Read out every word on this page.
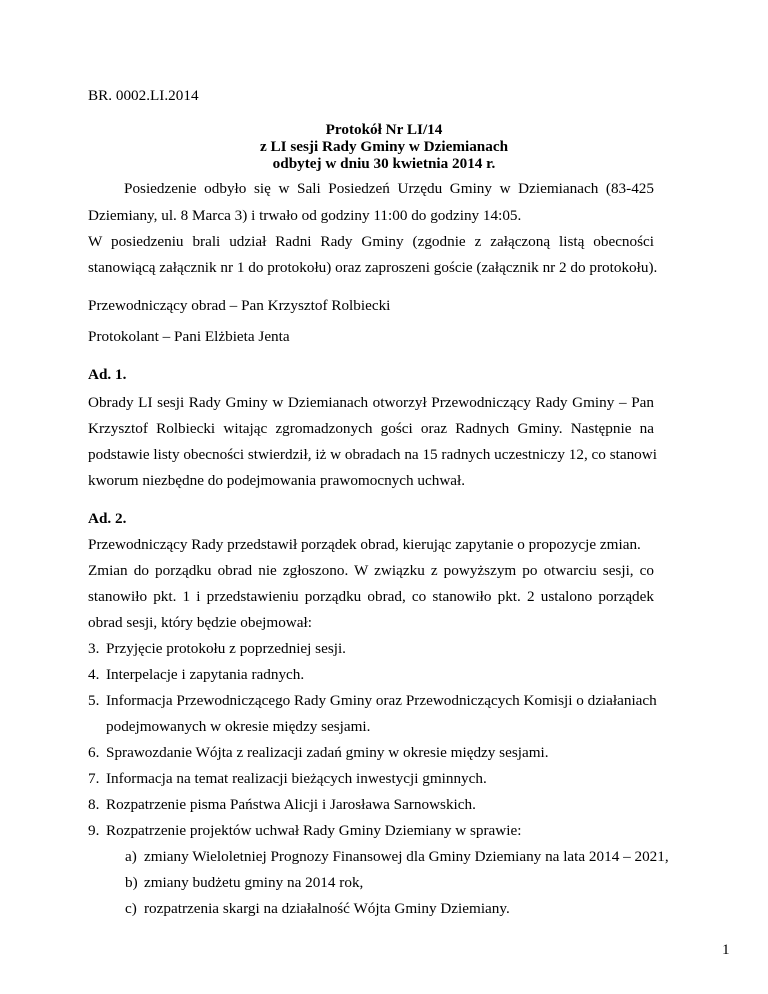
BR. 0002.LI.2014
Protokół Nr LI/14
z LI sesji Rady Gminy w Dziemianach
odbytej w dniu 30 kwietnia 2014 r.
Posiedzenie odbyło się w Sali Posiedzeń Urzędu Gminy w Dziemianach (83-425
Dziemiany, ul. 8 Marca 3) i trwało od godziny 11:00 do godziny 14:05.
W posiedzeniu brali udział Radni Rady Gminy (zgodnie z załączoną listą obecności
stanowiącą załącznik nr 1 do protokołu) oraz zaproszeni goście (załącznik nr 2 do protokołu).
Przewodniczący obrad – Pan Krzysztof Rolbiecki
Protokolant – Pani Elżbieta Jenta
Ad. 1.
Obrady LI sesji Rady Gminy w Dziemianach otworzył Przewodniczący Rady Gminy – Pan
Krzysztof Rolbiecki witając zgromadzonych gości oraz Radnych Gminy. Następnie na
podstawie listy obecności stwierdził, iż w obradach na 15 radnych uczestniczy 12, co stanowi
kworum niezbędne do podejmowania prawomocnych uchwał.
Ad. 2.
Przewodniczący Rady przedstawił porządek obrad, kierując zapytanie o propozycje zmian.
Zmian do porządku obrad nie zgłoszono. W związku z powyższym po otwarciu sesji, co
stanowiło pkt. 1 i przedstawieniu porządku obrad, co stanowiło pkt. 2 ustalono porządek
obrad sesji, który będzie obejmował:
3. Przyjęcie protokołu z poprzedniej sesji.
4. Interpelacje i zapytania radnych.
5. Informacja Przewodniczącego Rady Gminy oraz Przewodniczących Komisji o działaniach
podejmowanych w okresie między sesjami.
6. Sprawozdanie Wójta z realizacji zadań gminy w okresie między sesjami.
7. Informacja na temat realizacji bieżących inwestycji gminnych.
8. Rozpatrzenie pisma Państwa Alicji i Jarosława Sarnowskich.
9. Rozpatrzenie projektów uchwał Rady Gminy Dziemiany w sprawie:
a) zmiany Wieloletniej Prognozy Finansowej dla Gminy Dziemiany na lata 2014 – 2021,
b) zmiany budżetu gminy na 2014 rok,
c) rozpatrzenia skargi na działalność Wójta Gminy Dziemiany.
1
